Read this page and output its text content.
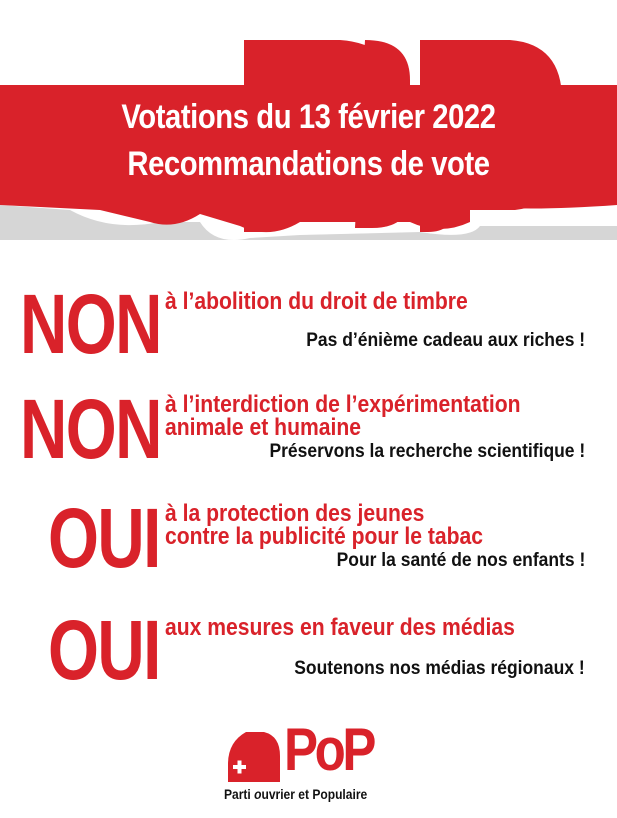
Votations du 13 février 2022
Recommandations de vote
NON à l’abolition du droit de timbre
Pas d’énième cadeau aux riches !
NON à l’interdiction de l’expérimentation
animale et humaine
Préservons la recherche scientifique !
OUI à la protection des jeunes
contre la publicité pour le tabac
Pour la santé de nos enfants !
OUI aux mesures en faveur des médias
Soutenons nos médias régionaux !
PoP
Parti ouvrier et Populaire
